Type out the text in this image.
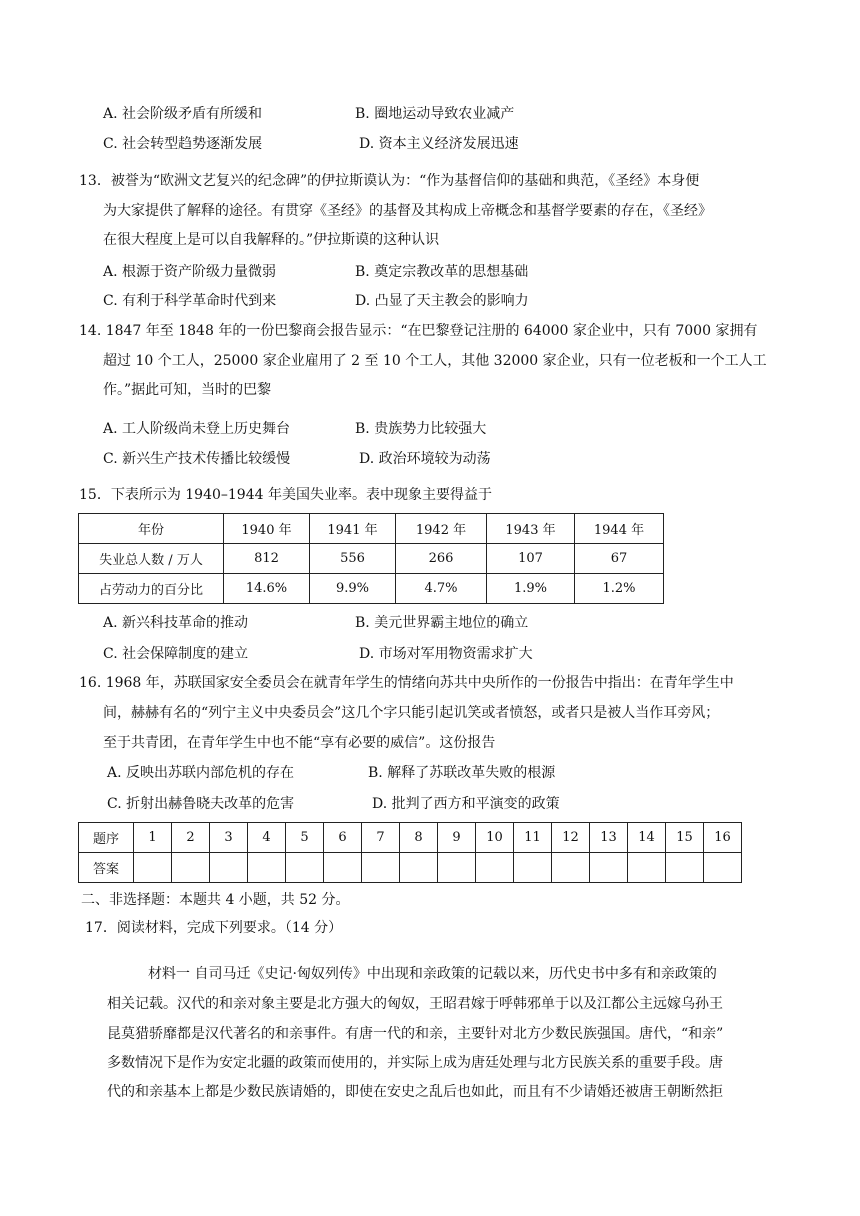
A. 社会阶级矛盾有所缓和	B. 圈地运动导致农业减产
C. 社会转型趋势逐渐发展	D. 资本主义经济发展迅速
13．被誉为“欧洲文艺复兴的纪念碑”的伊拉斯谟认为：“作为基督信仰的基础和典范，《圣经》本身便
为大家提供了解释的途径。有贯穿《圣经》的基督及其构成上帝概念和基督学要素的存在，《圣经》
在很大程度上是可以自我解释的。”伊拉斯谟的这种认识
A. 根源于资产阶级力量微弱	B. 奠定宗教改革的思想基础
C. 有利于科学革命时代到来	D. 凸显了天主教会的影响力
14. 1847 年至 1848 年的一份巴黎商会报告显示：“在巴黎登记注册的 64000 家企业中，只有 7000 家拥有
超过 10 个工人，25000 家企业雇用了 2 至 10 个工人，其他 32000 家企业，只有一位老板和一个工人工
作。”据此可知，当时的巴黎
A. 工人阶级尚未登上历史舞台	B. 贵族势力比较强大
C. 新兴生产技术传播比较缓慢	D. 政治环境较为动荡
15．下表所示为 1940–1944 年美国失业率。表中现象主要得益于
年份	1940 年	1941 年	1942 年	1943 年	1944 年
失业总人数 / 万人	812	556	266	107	67
占劳动力的百分比	14.6%	9.9%	4.7%	1.9%	1.2%
A. 新兴科技革命的推动	B. 美元世界霸主地位的确立
C. 社会保障制度的建立	D. 市场对军用物资需求扩大
16. 1968 年，苏联国家安全委员会在就青年学生的情绪向苏共中央所作的一份报告中指出：在青年学生中
间，赫赫有名的“列宁主义中央委员会”这几个字只能引起讥笑或者愤怒，或者只是被人当作耳旁风；
至于共青团，在青年学生中也不能“享有必要的威信”。这份报告
A. 反映出苏联内部危机的存在	B. 解释了苏联改革失败的根源
C. 折射出赫鲁晓夫改革的危害	D. 批判了西方和平演变的政策
题序	1	2	3	4	5	6	7	8	9	10	11	12	13	14	15	16
答案																
二、非选择题：本题共 4 小题，共 52 分。
17．阅读材料，完成下列要求。（14 分）
材料一 自司马迁《史记·匈奴列传》中出现和亲政策的记载以来，历代史书中多有和亲政策的
相关记载。汉代的和亲对象主要是北方强大的匈奴，王昭君嫁于呼韩邪单于以及江都公主远嫁乌孙王
昆莫猎骄靡都是汉代著名的和亲事件。有唐一代的和亲，主要针对北方少数民族强国。唐代，“和亲”
多数情况下是作为安定北疆的政策而使用的，并实际上成为唐廷处理与北方民族关系的重要手段。唐
代的和亲基本上都是少数民族请婚的，即使在安史之乱后也如此，而且有不少请婚还被唐王朝断然拒
